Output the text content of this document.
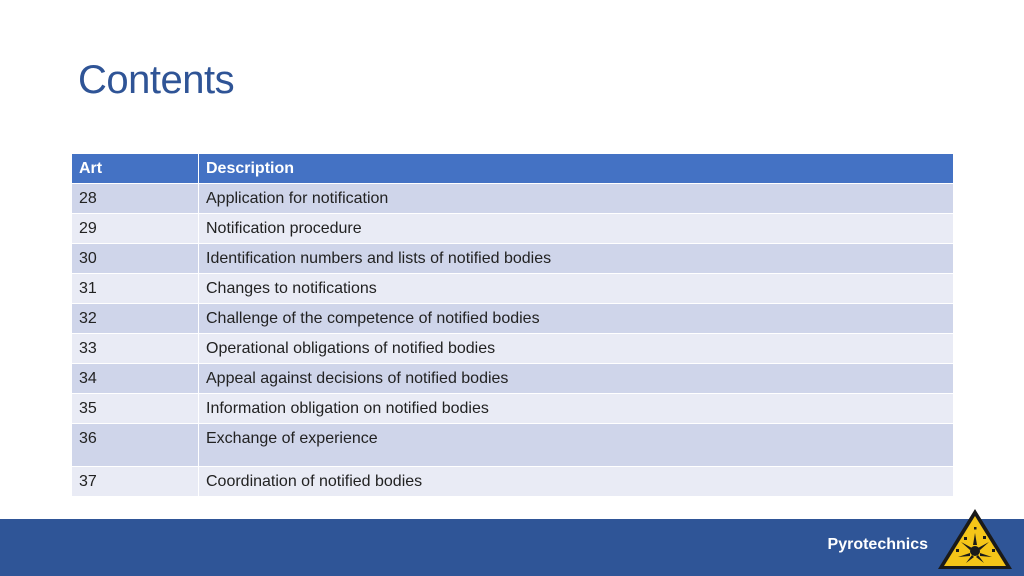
Contents
Art	Description
28	Application for notification
29	Notification procedure
30	Identification numbers and lists of notified bodies
31	Changes to notifications
32	Challenge of the competence of notified bodies
33	Operational obligations of notified bodies
34	Appeal against decisions of notified bodies
35	Information obligation on notified bodies
36	Exchange of experience
37	Coordination of notified bodies
Pyrotechnics
